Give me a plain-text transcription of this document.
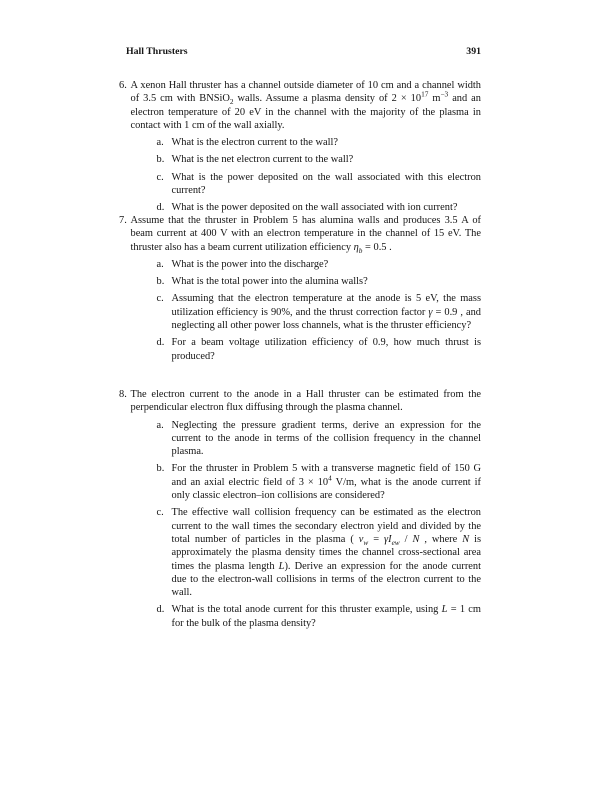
Hall Thrusters	391
6. A xenon Hall thruster has a channel outside diameter of 10 cm and a channel width of 3.5 cm with BNSiO$_2$ walls. Assume a plasma density of $2 \times 10^{17}$ $m^{-3}$ and an electron temperature of 20 eV in the channel with the majority of the plasma in contact with 1 cm of the wall axially.

a. What is the electron current to the wall?

b. What is the net electron current to the wall?

c. What is the power deposited on the wall associated with this electron current?

d. What is the power deposited on the wall associated with ion current?

7. Assume that the thruster in Problem 5 has alumina walls and produces 3.5 A of beam current at 400 V with an electron temperature in the channel of 15 eV. The thruster also has a beam current utilization efficiency $\eta_b = 0.5$ .

a. What is the power into the discharge?

b. What is the total power into the alumina walls?

c. Assuming that the electron temperature at the anode is 5 eV, the mass utilization efficiency is 90%, and the thrust correction factor γ = 0.9 , and neglecting all other power loss channels, what is the thruster efficiency?

d. For a beam voltage utilization efficiency of 0.9, how much thrust is produced?

8. The electron current to the anode in a Hall thruster can be estimated from the perpendicular electron flux diffusing through the plasma channel.

a. Neglecting the pressure gradient terms, derive an expression for the current to the anode in terms of the collision frequency in the channel plasma.

b. For the thruster in Problem 5 with a transverse magnetic field of 150 G and an axial electric field of $3 \times 10^4$ V/m, what is the anode current if only classic electron–ion collisions are considered?

c. The effective wall collision frequency can be estimated as the electron current to the wall times the secondary electron yield and divided by the total number of particles in the plasma ( $\nu_w = \gamma I_{ew} / N$ , where N is approximately the plasma density times the channel cross-sectional area times the plasma length L). Derive an expression for the anode current due to the electron-wall collisions in terms of the electron current to the wall.

d. What is the total anode current for this thruster example, using L = 1 cm for the bulk of the plasma density?
